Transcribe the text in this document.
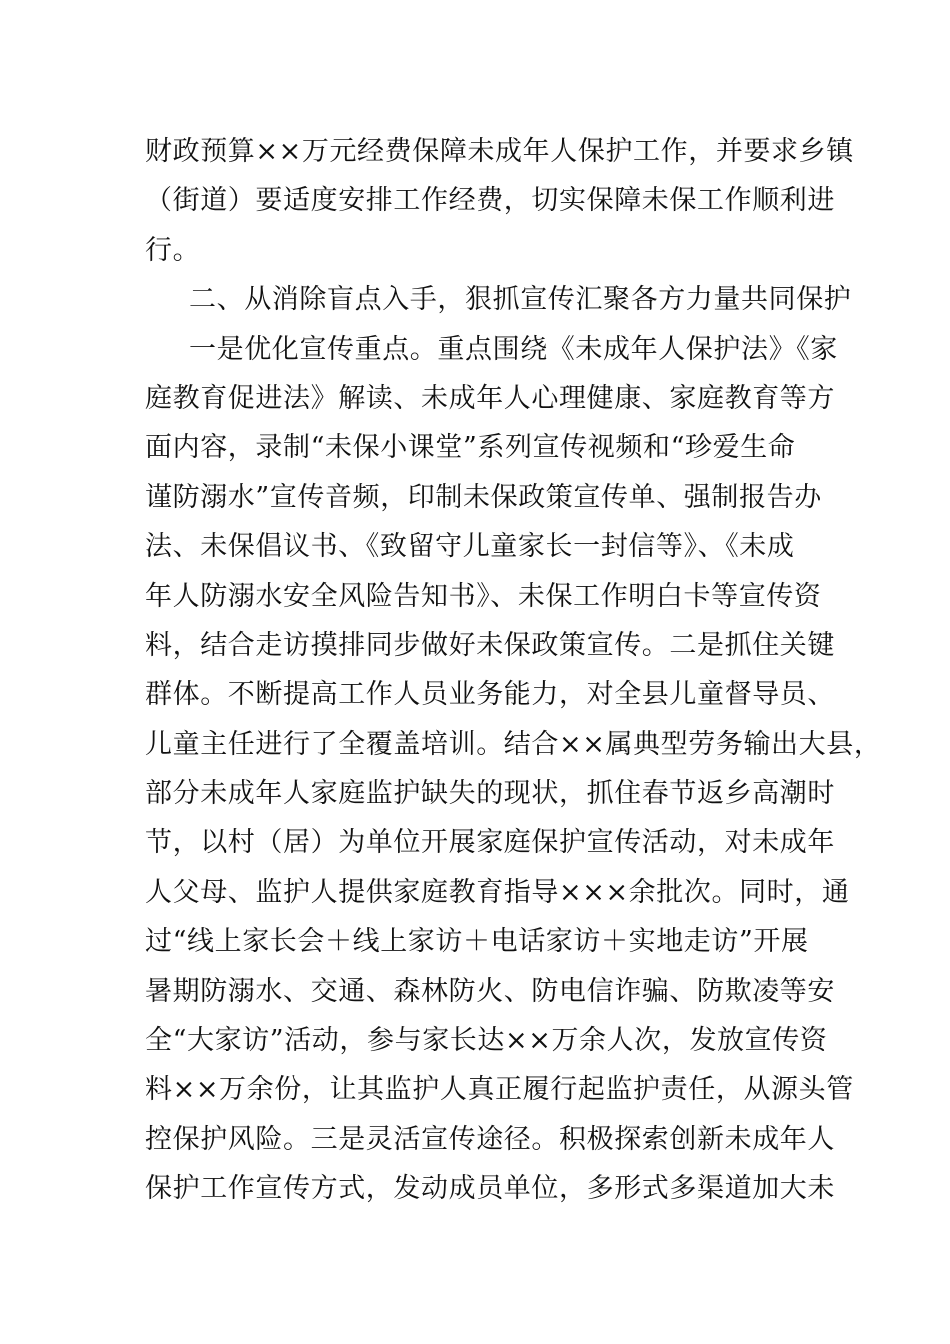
财政预算××万元经费保障未成年人保护工作，并要求乡镇
（街道）要适度安排工作经费，切实保障未保工作顺利进
行。
二、从消除盲点入手，狠抓宣传汇聚各方力量共同保护
一是优化宣传重点。重点围绕《未成年人保护法》《家
庭教育促进法》解读、未成年人心理健康、家庭教育等方
面内容，录制“未保小课堂”系列宣传视频和“珍爱生命
谨防溺水”宣传音频，印制未保政策宣传单、强制报告办
法、未保倡议书、《致留守儿童家长一封信等》、《未成
年人防溺水安全风险告知书》、未保工作明白卡等宣传资
料，结合走访摸排同步做好未保政策宣传。二是抓住关键
群体。不断提高工作人员业务能力，对全县儿童督导员、
儿童主任进行了全覆盖培训。结合××属典型劳务输出大县，
部分未成年人家庭监护缺失的现状，抓住春节返乡高潮时
节，以村（居）为单位开展家庭保护宣传活动，对未成年
人父母、监护人提供家庭教育指导×××余批次。同时，通
过“线上家长会＋线上家访＋电话家访＋实地走访”开展
暑期防溺水、交通、森林防火、防电信诈骗、防欺凌等安
全“大家访”活动，参与家长达××万余人次，发放宣传资
料××万余份，让其监护人真正履行起监护责任，从源头管
控保护风险。三是灵活宣传途径。积极探索创新未成年人
保护工作宣传方式，发动成员单位，多形式多渠道加大未
